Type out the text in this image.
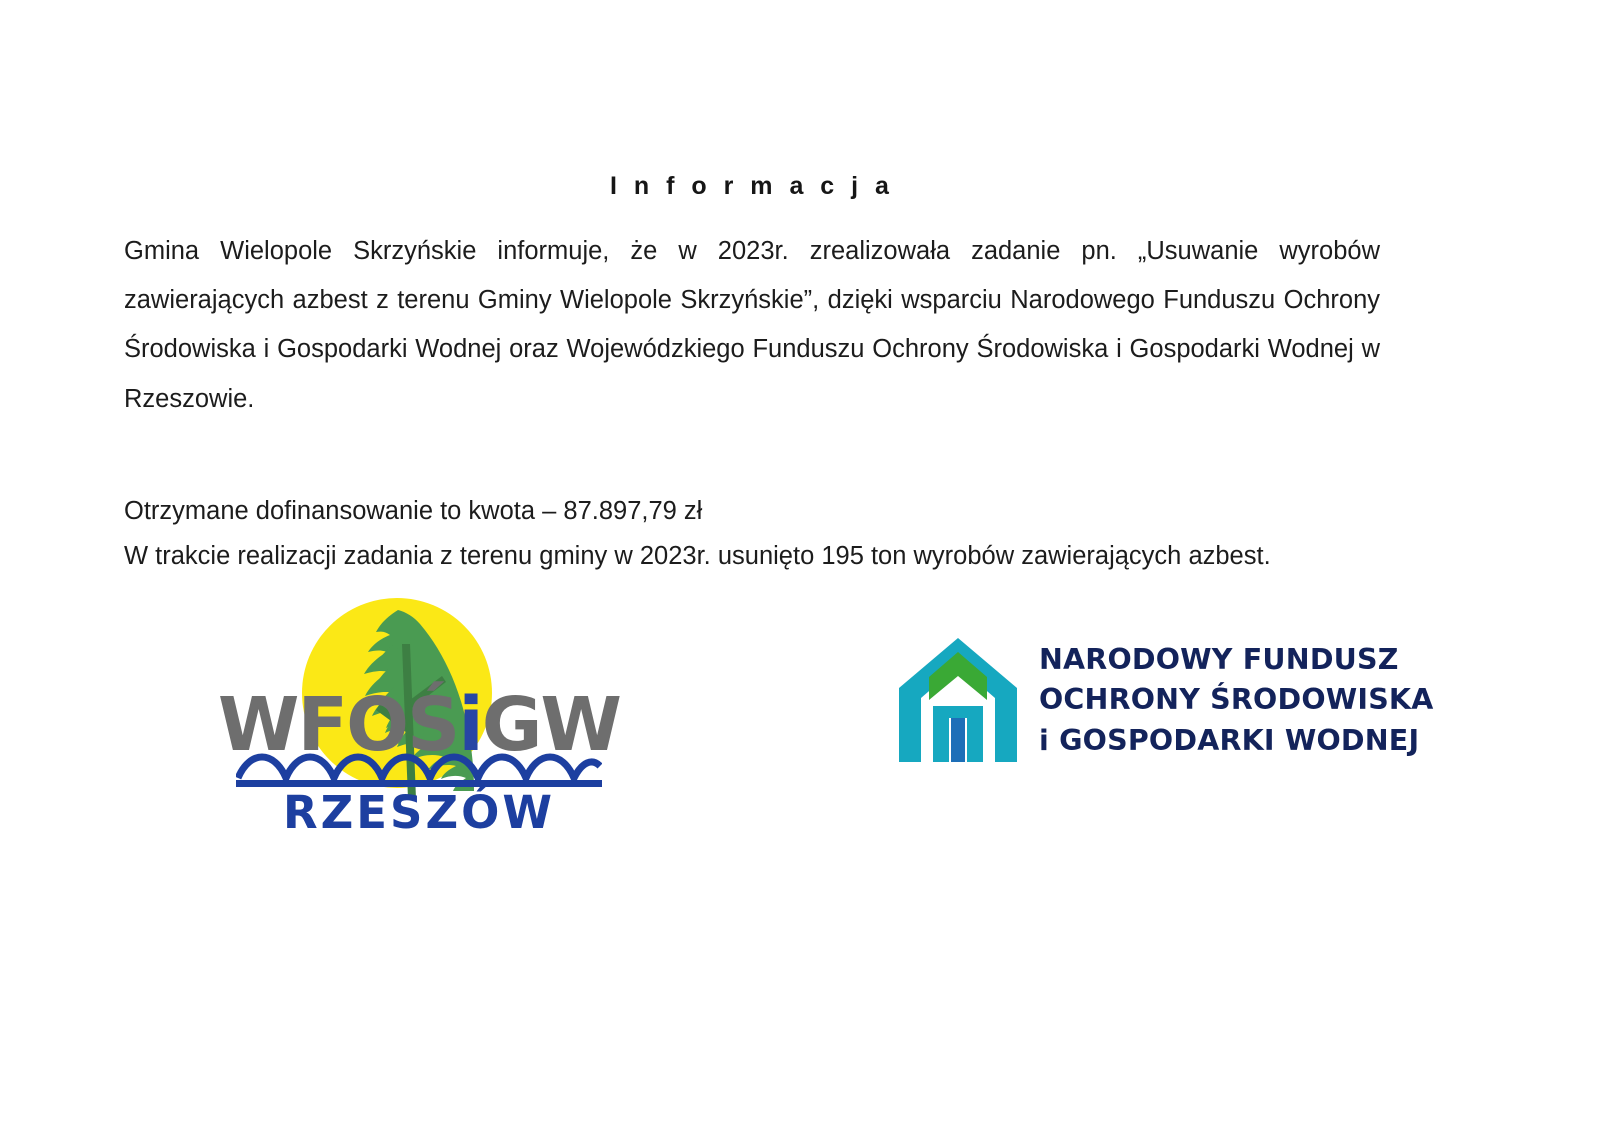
I n f o r m a c j a
Gmina Wielopole Skrzyńskie informuje, że w 2023r. zrealizowała zadanie pn. „Usuwanie wyrobów zawierających azbest z terenu Gminy Wielopole Skrzyńskie”, dzięki wsparciu Narodowego Funduszu Ochrony Środowiska i Gospodarki Wodnej oraz Wojewódzkiego Funduszu Ochrony Środowiska i Gospodarki Wodnej w Rzeszowie.
Otrzymane dofinansowanie to kwota – 87.897,79 zł
W trakcie realizacji zadania z terenu gminy w 2023r. usunięto 195 ton wyrobów zawierających azbest.
WFOŚiGW
RZESZÓW
NARODOWY FUNDUSZ
OCHRONY ŚRODOWISKA
i GOSPODARKI WODNEJ
